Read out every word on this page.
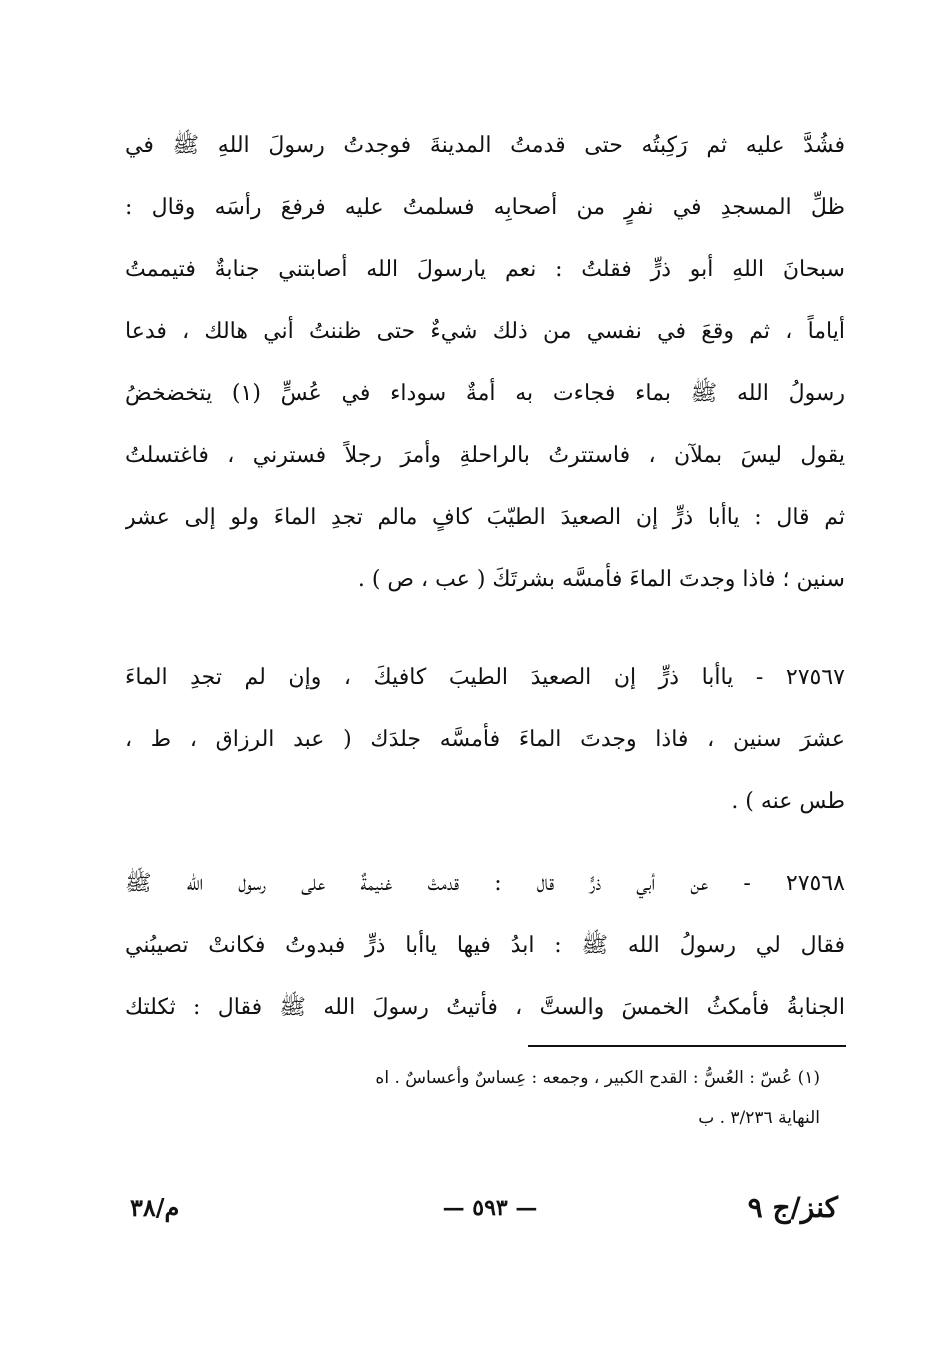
فشُدَّ عليه ثم رَكِبتُه حتى قدمتُ المدينةَ فوجدتُ رسولَ اللهِ ﷺ في
ظلِّ المسجدِ في نفرٍ من أصحابِه فسلمتُ عليه فرفعَ رأسَه وقال :
سبحانَ اللهِ أبو ذرٍّ فقلتُ : نعم يارسولَ الله أصابتني جنابةٌ فتيممتُ
أياماً ، ثم وقعَ في نفسي من ذلك شيءٌ حتى ظننتُ أني هالك ، فدعا
رسولُ الله ﷺ بماء فجاءت به أمةٌ سوداء في عُسٍّ (١) يتخضخضُ
يقول ليسَ بملآن ، فاستترتُ بالراحلةِ وأمرَ رجلاً فسترني ، فاغتسلتُ
ثم قال : ياأبا ذرٍّ إن الصعيدَ الطيّبَ كافٍ مالم تجدِ الماءَ ولو إلى عشر
سنين ؛ فاذا وجدتَ الماءَ فأمسَّه بشرتَكَ ( عب ، ص ) .
٢٧٥٦٧ - ياأبا ذرٍّ إن الصعيدَ الطيبَ كافيكَ ، وإن لم تجدِ الماءَ
عشرَ سنين ، فاذا وجدتَ الماءَ فأمسَّه جلدَك ( عبد الرزاق ، ط ،
طس عنه ) .
٢٧٥٦٨ - عن أبي ذرٍّ قال : قدمتْ غنيمةٌ على رسول الله ﷺ
فقال لي رسولُ الله ﷺ : ابدُ فيها ياأبا ذرٍّ فبدوتُ فكانتْ تصيبُني
الجنابةُ فأمكثُ الخمسَ والستَّ ، فأتيتُ رسولَ الله ﷺ فقال : ثكلتك
(١) عُسّ : العُسُّ : القدح الكبير ، وجمعه : عِساسٌ وأعساسٌ . اه
النهاية ٣/٢٣٦ . ب
كنز/ج ٩
— ٥٩٣ —
م/٣٨
